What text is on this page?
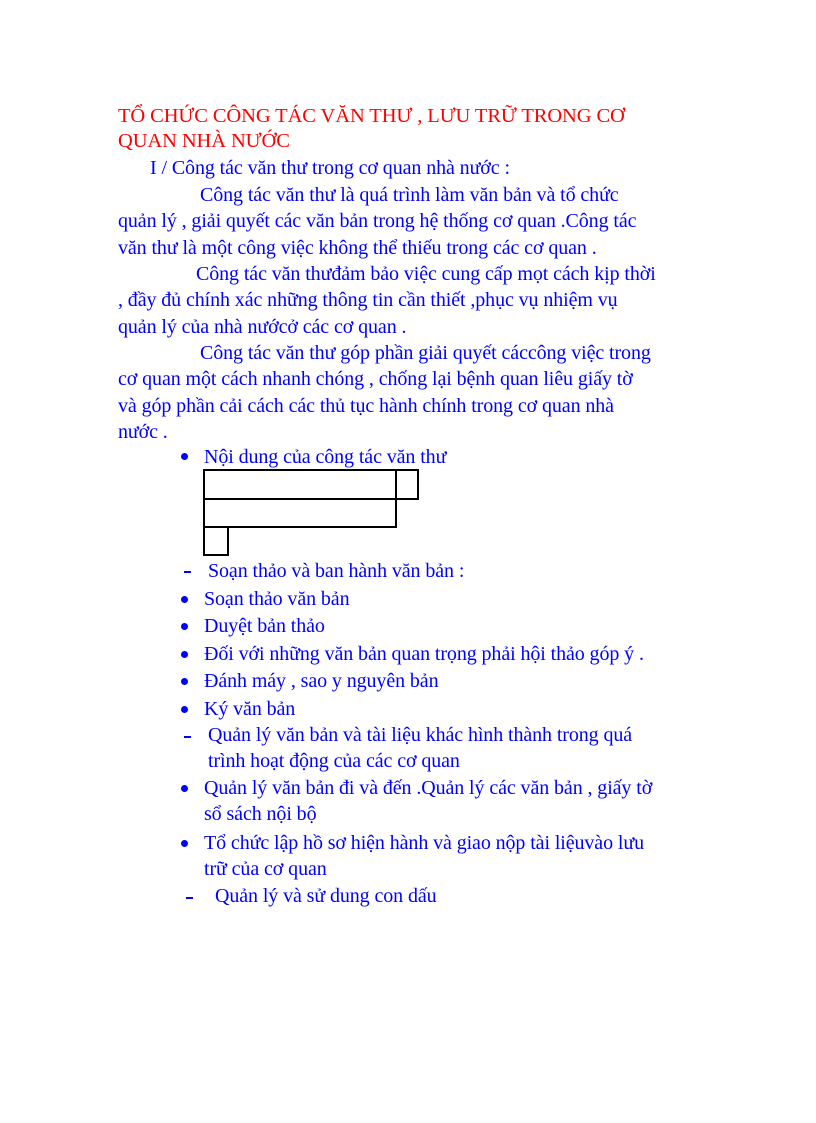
TỔ CHỨC CÔNG TÁC VĂN THƯ , LƯU TRỮ TRONG CƠ
QUAN NHÀ NƯỚC
I / Công tác văn thư trong cơ quan nhà nước :
Công tác văn thư là quá trình làm văn bản và tổ chức
quản lý , giải quyết các văn bản trong hệ thống cơ quan .Công tác
văn thư là một công việc không thể thiếu trong các cơ quan .
Công tác văn thưđảm bảo việc cung cấp mọt cách kịp thời
, đầy đủ chính xác những thông tin cần thiết ,phục vụ nhiệm vụ
quản lý của nhà nướcở các cơ quan .
Công tác văn thư góp phần giải quyết cáccông việc trong
cơ quan một cách nhanh chóng , chống lại bệnh quan liêu giấy tờ
và góp phần cải cách các thủ tục hành chính trong cơ quan nhà
nước .
Nội dung của công tác văn thư
Soạn thảo và ban hành văn bản :
Soạn thảo văn bản
Duyệt bản thảo
Đối với những văn bản quan trọng phải hội thảo góp ý .
Đánh máy , sao y nguyên bản
Ký văn bản
Quản lý văn bản và tài liệu khác hình thành trong quá
trình hoạt động của các cơ quan
Quản lý văn bản đi và đến .Quản lý các văn bản , giấy tờ
sổ sách nội bộ
Tổ chức lập hồ sơ hiện hành và giao nộp tài liệuvào lưu
trữ của cơ quan
Quản lý và sử dung con dấu
